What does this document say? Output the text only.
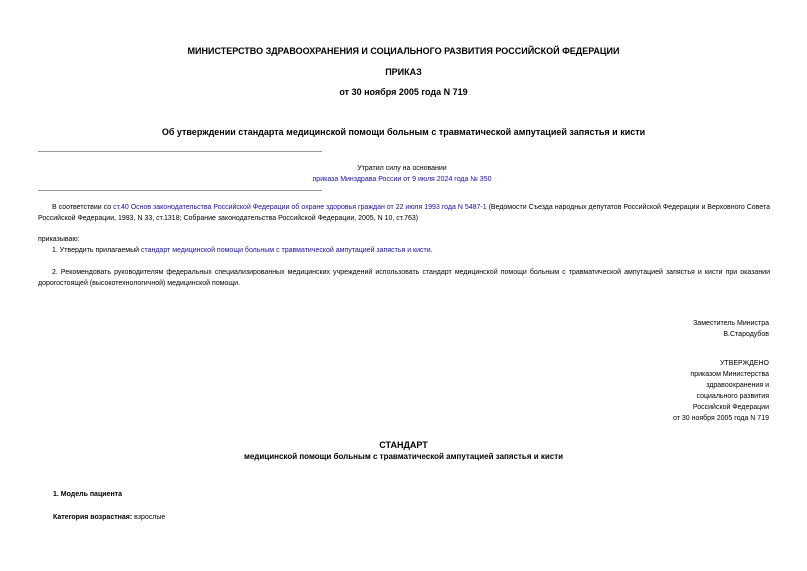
МИНИСТЕРСТВО ЗДРАВООХРАНЕНИЯ И СОЦИАЛЬНОГО РАЗВИТИЯ РОССИЙСКОЙ ФЕДЕРАЦИИ
ПРИКАЗ
от 30 ноября 2005 года N 719
Об утверждении стандарта медицинской помощи больным с травматической ампутацией запястья и кисти
Утратил силу на основании
приказа Минздрава России от 9 июля 2024 года № 350
В соответствии со ст.40 Основ законодательства Российской Федерации об охране здоровья граждан от 22 июля 1993 года N 5487-1 (Ведомости Съезда народных депутатов Российской Федерации и Верховного Совета Российской Федерации, 1993, N 33, ст.1318; Собрание законодательства Российской Федерации, 2005, N 10, ст.763)
приказываю:
1. Утвердить прилагаемый стандарт медицинской помощи больным с травматической ампутацией запястья и кисти.
2. Рекомендовать руководителям федеральных специализированных медицинских учреждений использовать стандарт медицинской помощи больным с травматической ампутацией запястья и кисти при оказании дорогостоящей (высокотехнологичной) медицинской помощи.
Заместитель Министра
В.Стародубов
УТВЕРЖДЕНО
приказом Министерства
здравоохранения и
социального развития
Российской Федерации
от 30 ноября 2005 года N 719
СТАНДАРТ
медицинской помощи больным с травматической ампутацией запястья и кисти
1. Модель пациента
Категория возрастная: взрослые
